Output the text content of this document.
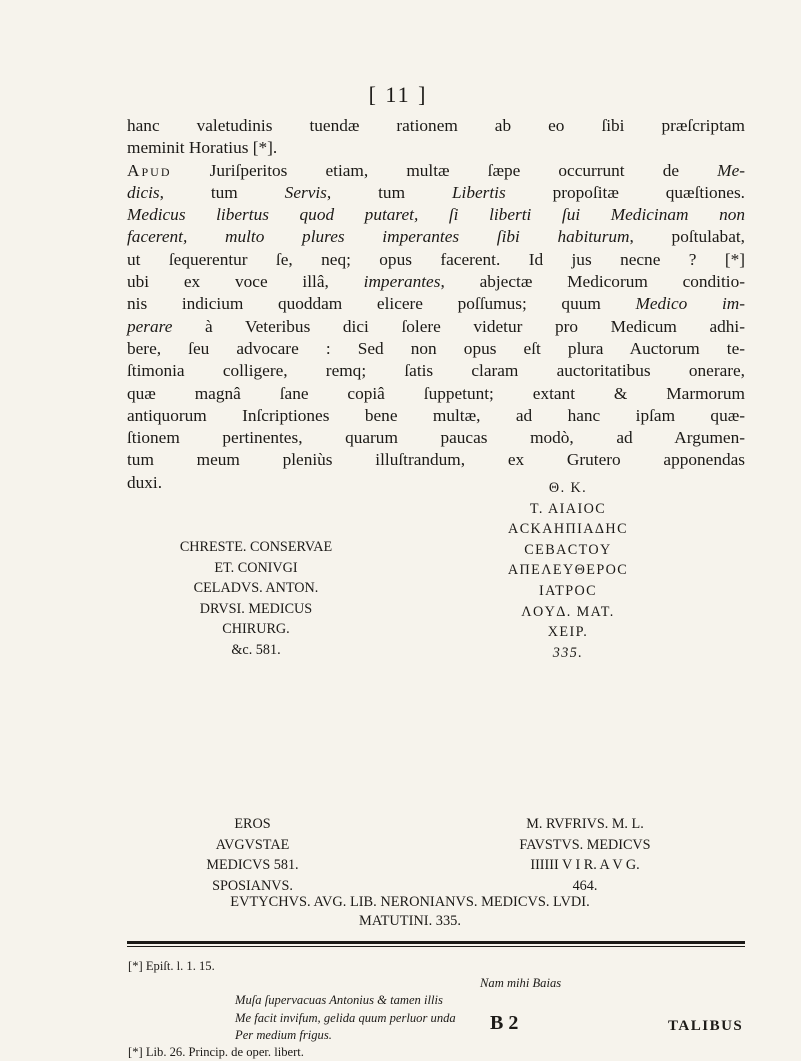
[ 11 ]
hanc valetudinis tuendæ rationem ab eo ſibi præſcriptam
meminit Horatius [*].
Apud Juriſperitos etiam, multæ ſæpe occurrunt de Me-
dicis, tum Servis, tum Libertis propoſitæ quæſtiones.
Medicus libertus quod putaret, ſi liberti ſui Medicinam non
facerent, multo plures imperantes ſibi habiturum, poſtulabat,
ut ſequerentur ſe, neq; opus facerent. Id jus necne ? [*]
ubi ex voce illâ, imperantes, abjectæ Medicorum conditio-
nis indicium quoddam elicere poſſumus; quum Medico im-
perare à Veteribus dici ſolere videtur pro Medicum adhi-
bere, ſeu advocare : Sed non opus eſt plura Auctorum te-
ſtimonia colligere, remq; ſatis claram auctoritatibus onerare,
quæ magnâ ſane copiâ ſuppetunt; extant & Marmorum
antiquorum Inſcriptiones bene multæ, ad hanc ipſam quæ-
ſtionem pertinentes, quarum paucas modò, ad Argumen-
tum meum pleniùs illuſtrandum, ex Grutero apponendas
duxi.
CHRESTE. CONSERVAE
ET. CONIVGI
CELADVS. ANTON.
DRVSI. MEDICUS
CHIRURG.
&c. 581.
Θ. K.
T. AIAIOC
ACKAHΠIAΔHC
CEBACTOY
AΠEΛEYΘEPOC
IATPOC
ΛOYΔ. MAT.
XEIP.
335.
EROS
AVGVSTAE
MEDICVS 581.
SPOSIANVS.
M. RVFRIVS. M. L.
FAVSTVS. MEDICVS
IIIIII V I R. A V G.
464.
EVTYCHVS. AVG. LIB. NERONIANVS. MEDICVS. LVDI.
MATUTINI. 335.
[*] Epiſt. l. 1. 15.
Nam mihi Baias
Muſa ſupervacuas Antonius & tamen illis
Me facit invifum, gelida quum perluor unda
Per medium frigus.
[*] Lib. 26. Princip. de oper. libert.
B 2	TALIBUS
